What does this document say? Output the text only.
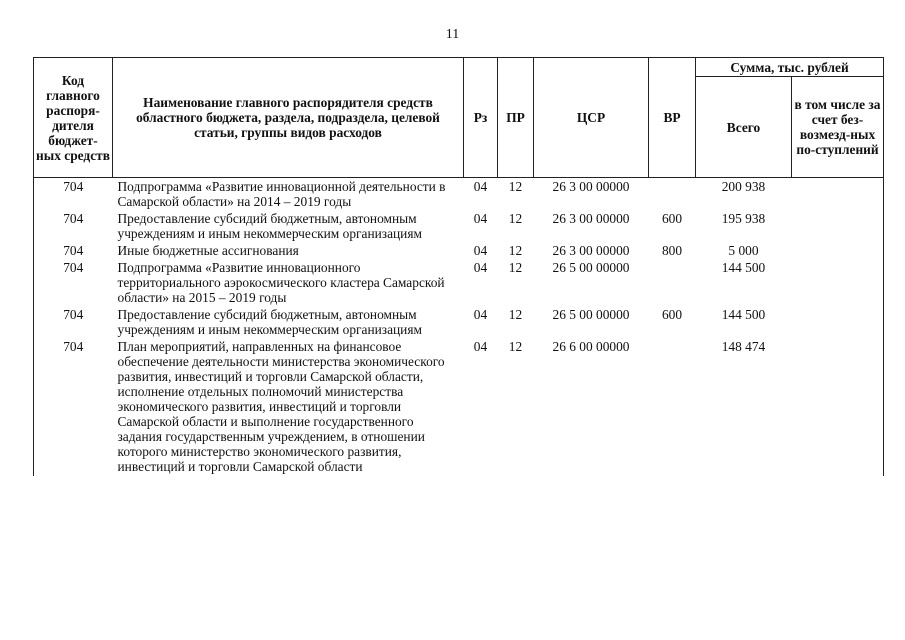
11
Код главного распоря-дителя бюджет-ных средств	Наименование главного распорядителя средств областного бюджета, раздела, подраздела, целевой статьи, группы видов расходов	Рз	ПР	ЦСР	ВР	Сумма, тыс. рублей	
						Всего	в том числе за счет без-возмезд-ных по-ступлений
704	Подпрограмма «Развитие инновационной деятельности в Самарской области» на 2014 – 2019 годы	04	12	26 3 00 00000		200 938	
704	Предоставление субсидий бюджетным, автономным учреждениям и иным некоммерческим организациям	04	12	26 3 00 00000	600	195 938	
704	Иные бюджетные ассигнования	04	12	26 3 00 00000	800	5 000	
704	Подпрограмма «Развитие инновационного территориального аэрокосмического кластера Самарской области» на 2015 – 2019 годы	04	12	26 5 00 00000		144 500	
704	Предоставление субсидий бюджетным, автономным учреждениям и иным некоммерческим организациям	04	12	26 5 00 00000	600	144 500	
704	План мероприятий, направленных на финансовое обеспечение деятельности министерства экономического развития, инвестиций и торговли Самарской области, исполнение отдельных полномочий министерства экономического развития, инвестиций и торговли Самарской области и выполнение государственного задания государственным учреждением, в отношении которого министерство экономического развития, инвестиций и торговли Самарской области	04	12	26 6 00 00000		148 474	
